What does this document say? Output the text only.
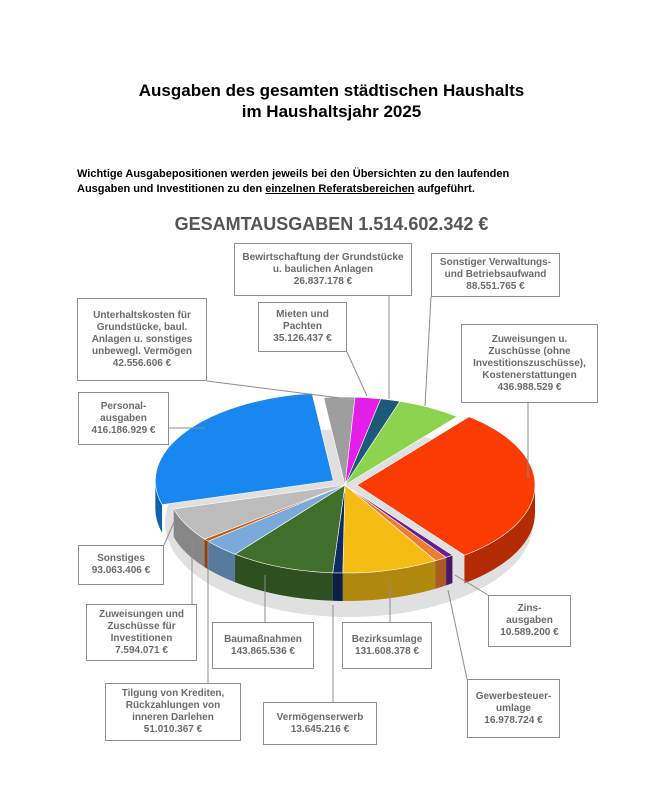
Ausgaben des gesamten städtischen Haushalts
im Haushaltsjahr 2025
Wichtige Ausgabepositionen werden jeweils bei den Übersichten zu den laufenden
Ausgaben und Investitionen zu den einzelnen Referatsbereichen aufgeführt.
GESAMTAUSGABEN 1.514.602.342 €
Bewirtschaftung der Grundstücke
u. baulichen Anlagen
26.837.178 €
Sonstiger Verwaltungs-
und Betriebsaufwand
88.551.765 €
Mieten und
Pachten
35.126.437 €
Unterhaltskosten für
Grundstücke, baul.
Anlagen u. sonstiges
unbewegl. Vermögen
42.556.606 €
Zuweisungen u.
Zuschüsse (ohne
Investitionszuschüsse),
Kostenerstattungen
436.988.529 €
Personal-
ausgaben
416.186.929 €
Sonstiges
93.063.406 €
Zins-
ausgaben
10.589.200 €
Zuweisungen und
Zuschüsse für
Investitionen
7.594.071 €
Baumaßnahmen
143.865.536 €
Bezirksumlage
131.608.378 €
Tilgung von Krediten,
Rückzahlungen von
inneren Darlehen
51.010.367 €
Vermögenserwerb
13.645.216 €
Gewerbesteuer-
umlage
16.978.724 €
